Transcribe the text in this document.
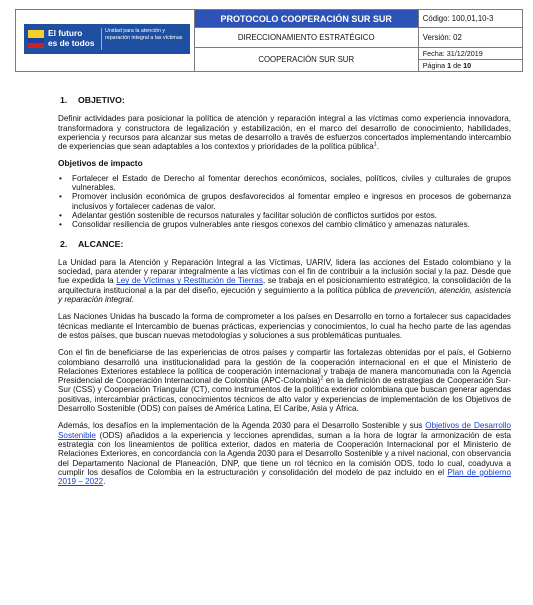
El futuro
es de todos
Unidad para la atención y reparación integral a las víctimas	PROTOCOLO COOPERACIÓN SUR SUR	Código: 100,01,10-3
	DIRECCIONAMIENTO ESTRATÉGICO	Versión: 02
	COOPERACIÓN SUR SUR	Fecha: 31/12/2019
Página 1 de 10
1. OBJETIVO:

Definir actividades para posicionar la política de atención y reparación integral a las víctimas como experiencia innovadora, transformadora y constructora de legalización y estabilización, en el marco del desarrollo de conocimiento, habilidades, experiencia y recursos para alcanzar sus metas de desarrollo a través de esfuerzos concertados implementando intercambio de experiencias que sean adaptables a los contextos y prioridades de la política pública$^1$.

Objetivos de impacto
• Fortalecer el Estado de Derecho al fomentar derechos económicos, sociales, políticos, civiles y culturales de grupos vulnerables.
• Promover inclusión económica de grupos desfavorecidos al fomentar empleo e ingresos en procesos de gobernanza inclusivos y fortalecer cadenas de valor.
• Adelantar gestión sostenible de recursos naturales y facilitar solución de conflictos surtidos por estos.
• Consolidar resiliencia de grupos vulnerables ante riesgos conexos del cambio climático y amenazas naturales.
2. ALCANCE:

La Unidad para la Atención y Reparación Integral a las Víctimas, UARIV, lidera las acciones del Estado colombiano y la sociedad, para atender y reparar integralmente a las víctimas con el fin de contribuir a la inclusión social y la paz. Desde que fue expedida la Ley de Víctimas y Restitución de Tierras, se trabaja en el posicionamiento estratégico, la consolidación de la arquitectura institucional a la par del diseño, ejecución y seguimiento a la política pública de prevención, atención, asistencia y reparación integral.

Las Naciones Unidas ha buscado la forma de comprometer a los países en Desarrollo en torno a fortalecer sus capacidades técnicas mediante el Intercambio de buenas prácticas, experiencias y conocimientos, lo cual ha hecho parte de las agendas de estos países, que buscan nuevas metodologías y soluciones a sus problemáticas puntuales.

Con el fin de beneficiarse de las experiencias de otros países y compartir las fortalezas obtenidas por el país, el Gobierno colombiano desarrolló una institucionalidad para la gestión de la cooperación internacional en el que el Ministerio de Relaciones Exteriores establece la política de cooperación internacional y trabaja de manera mancomunada con la Agencia Presidencial de Cooperación Internacional de Colombia (APC-Colombia)$^2$ en la definición de estrategias de Cooperación Sur- Sur (CSS) y Cooperación Triangular (CT), como instrumentos de la política exterior colombiana que buscan generar agendas positivas, intercambiar prácticas, conocimientos técnicos de alto valor y experiencias de implementación de los Objetivos de Desarrollo Sostenible (ODS) con países de América Latina, El Caribe, Asia y África.

Además, los desafíos en la implementación de la Agenda 2030 para el Desarrollo Sostenible y sus Objetivos de Desarrollo Sostenible (ODS) añadidos a la experiencia y lecciones aprendidas, suman a la hora de lograr la armonización de esta estrategia con los lineamientos de política exterior, dados en materia de Cooperación Internacional por el Ministerio de Relaciones Exteriores, en concordancia con la Agenda 2030 para el Desarrollo Sostenible y a nivel nacional, con observancia del Departamento Nacional de Planeación, DNP, que tiene un rol técnico en la comisión ODS, todo lo cual, coadyuva a cumplir los desafíos de Colombia en la estructuración y consolidación del modelo de paz incluido en el Plan de gobierno 2019 – 2022.
